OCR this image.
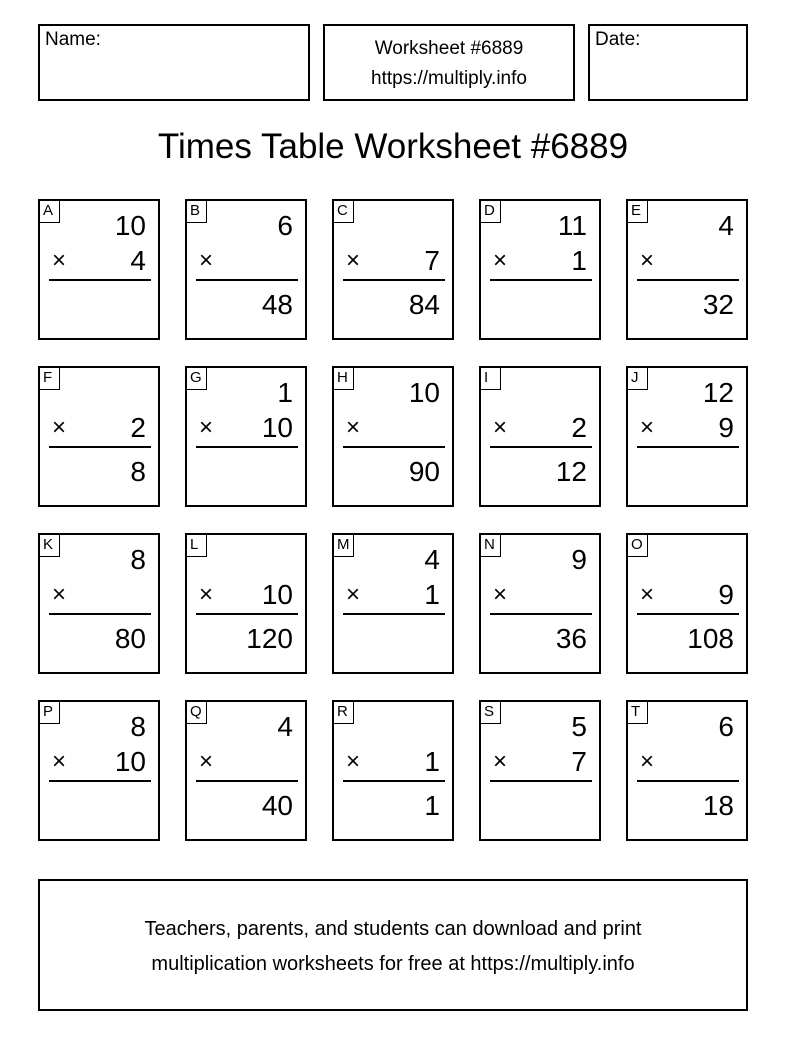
Name:	Worksheet #6889
https://multiply.info
Date:
Times Table Worksheet #6889
A 10
× 4
B	6
×
48
C
× 7
84
D 11
× 1
E	4
×
32
F
× 2
8
G	1
× 10
H 10
×
90
I
× 2
12
J	12
× 9
K	8
×
80
L
× 10
120
M	4
× 1
N	9
×
36
O
× 9
108
P	8
× 10
Q	4
×
40
R
× 1
1
S	5
× 7
T	6
×
18
Teachers, parents, and students can download and print
multiplication worksheets for free at https://multiply.info
